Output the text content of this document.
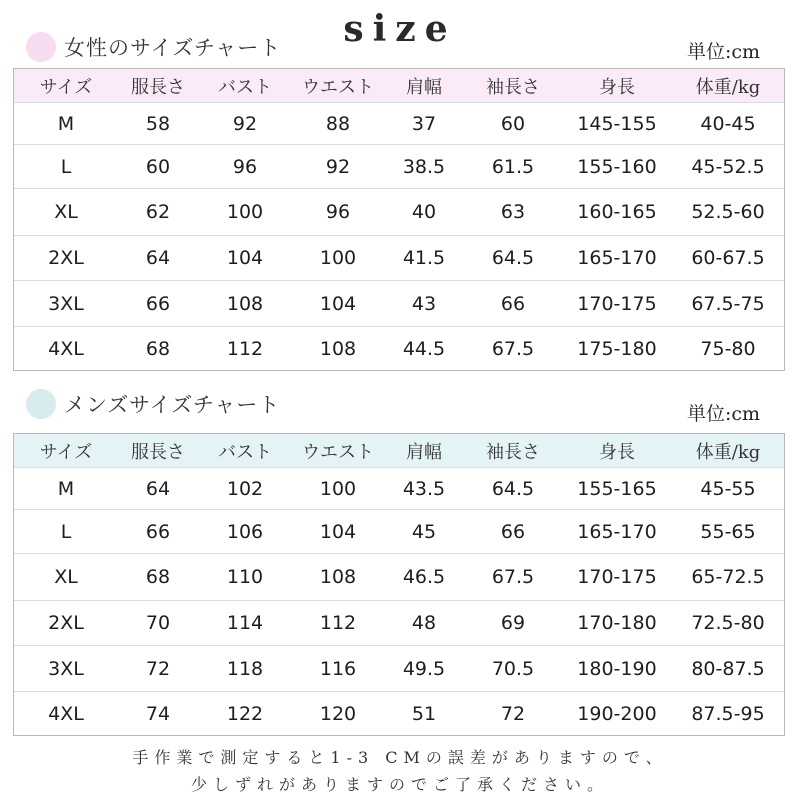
size
女性のサイズチャート	単位:cm
サイズ	服長さ	バスト	ウエスト	肩幅	袖長さ	身長	体重/kg
M	58	92	88	37	60	145-155	40-45
L	60	96	92	38.5	61.5	155-160	45-52.5
XL	62	100	96	40	63	160-165	52.5-60
2XL	64	104	100	41.5	64.5	165-170	60-67.5
3XL	66	108	104	43	66	170-175	67.5-75
4XL	68	112	108	44.5	67.5	175-180	75-80
メンズサイズチャート	単位:cm
サイズ	服長さ	バスト	ウエスト	肩幅	袖長さ	身長	体重/kg
M	64	102	100	43.5	64.5	155-165	45-55
L	66	106	104	45	66	165-170	55-65
XL	68	110	108	46.5	67.5	170-175	65-72.5
2XL	70	114	112	48	69	170-180	72.5-80
3XL	72	118	116	49.5	70.5	180-190	80-87.5
4XL	74	122	120	51	72	190-200	87.5-95
手作業で測定すると1-3 CMの誤差がありますので、
少しずれがありますのでご了承ください。
